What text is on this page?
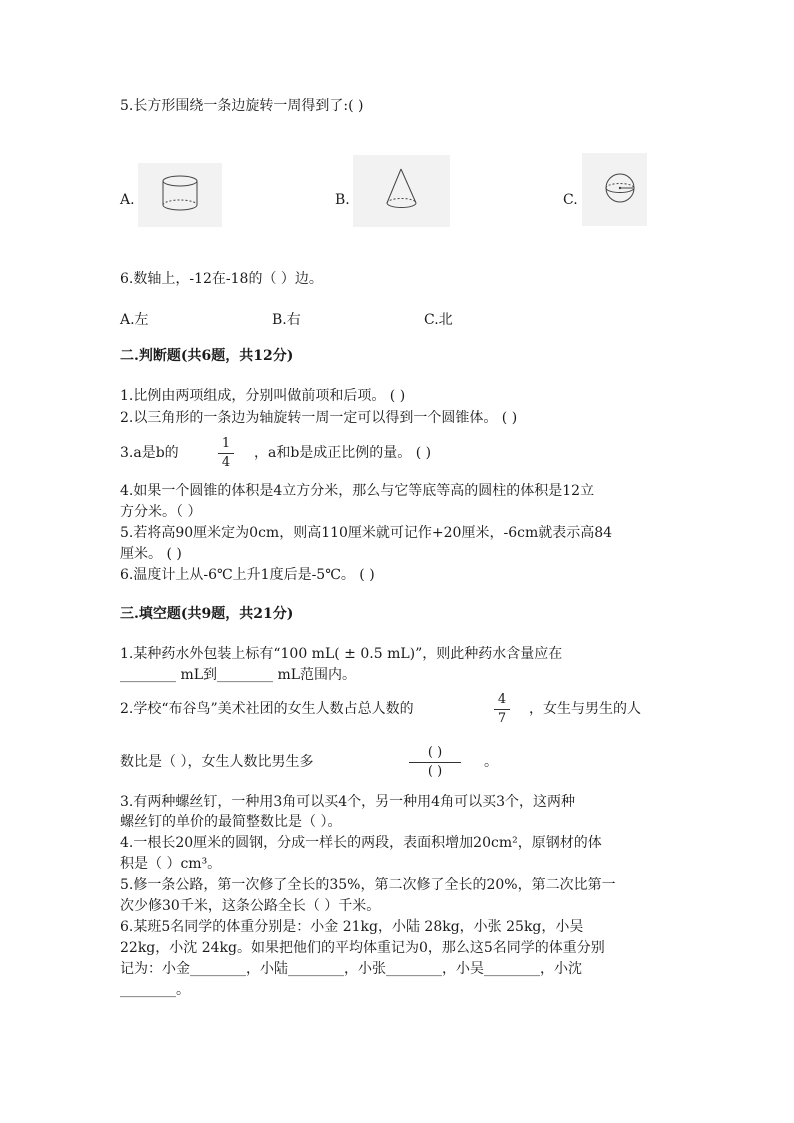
5.长方形围绕一条边旋转一周得到了:( )
A.	B.	C.
6.数轴上，-12在-18的（ ）边。
A.左	B.右	C.北
二.判断题(共6题，共12分)
1.比例由两项组成，分别叫做前项和后项。 ( )
2.以三角形的一条边为轴旋转一周一定可以得到一个圆锥体。 ( )
3.a是b的
1
4
，a和b是成正比例的量。 ( )
4.如果一个圆锥的体积是4立方分米，那么与它等底等高的圆柱的体积是12立
方分米。（ ）
5.若将高90厘米定为0cm，则高110厘米就可记作+20厘米，-6cm就表示高84
厘米。 ( )
6.温度计上从-6℃上升1度后是-5℃。 ( )
三.填空题(共9题，共21分)
1.某种药水外包装上标有“100 mL( ± 0.5 mL)”，则此种药水含量应在
________ mL到________ mL范围内。
2.学校“布谷鸟”美术社团的女生人数占总人数的
4
7
，女生与男生的人
数比是（ ），女生人数比男生多
( )
( )
。
3.有两种螺丝钉，一种用3角可以买4个，另一种用4角可以买3个，这两种
螺丝钉的单价的最简整数比是（ ）。
4.一根长20厘米的圆钢，分成一样长的两段，表面积增加20cm²，原钢材的体
积是（ ）cm³。
5.修一条公路，第一次修了全长的35%，第二次修了全长的20%，第二次比第一
次少修30千米，这条公路全长（ ）千米。
6.某班5名同学的体重分别是：小金 21kg，小陆 28kg，小张 25kg，小吴
22kg，小沈 24kg。如果把他们的平均体重记为0，那么这5名同学的体重分别
记为：小金________，小陆________，小张________，小吴________，小沈
________。
